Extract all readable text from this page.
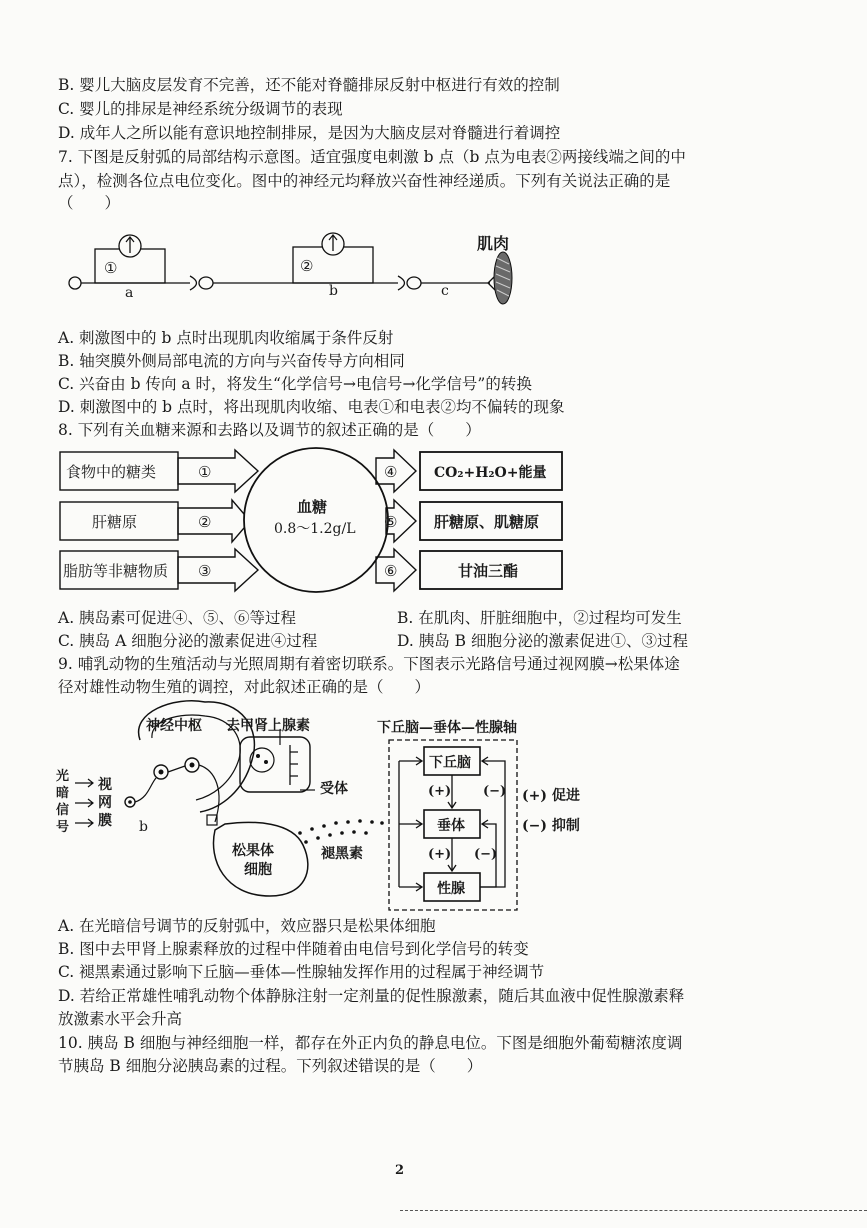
B. 婴儿大脑皮层发育不完善，还不能对脊髓排尿反射中枢进行有效的控制
C. 婴儿的排尿是神经系统分级调节的表现
D. 成年人之所以能有意识地控制排尿，是因为大脑皮层对脊髓进行着调控
7. 下图是反射弧的局部结构示意图。适宜强度电刺激 b 点（b 点为电表②两接线端之间的中
点），检测各位点电位变化。图中的神经元均释放兴奋性神经递质。下列有关说法正确的是
（　　）
①	②
a	b	c
肌肉
A. 刺激图中的 b 点时出现肌肉收缩属于条件反射
B. 轴突膜外侧局部电流的方向与兴奋传导方向相同
C. 兴奋由 b 传向 a 时，将发生“化学信号→电信号→化学信号”的转换
D. 刺激图中的 b 点时，将出现肌肉收缩、电表①和电表②均不偏转的现象
8. 下列有关血糖来源和去路以及调节的叙述正确的是（　　）
食物中的糖类
肝糖原
脂肪等非糖物质
①
②
③
血糖
0.8～1.2g/L
④
⑤
⑥
CO₂+H₂O+能量
肝糖原、肌糖原
甘油三酯
A. 胰岛素可促进④、⑤、⑥等过程	B. 在肌肉、肝脏细胞中，②过程均可发生
C. 胰岛 A 细胞分泌的激素促进④过程	D. 胰岛 B 细胞分泌的激素促进①、③过程
9. 哺乳动物的生殖活动与光照周期有着密切联系。下图表示光路信号通过视网膜→松果体途
径对雄性动物生殖的调控，对此叙述正确的是（　　）
神经中枢 去甲肾上腺素
受体
光
暗
信
号
视
网
膜 b
松果体
细胞
褪黑素
下丘脑—垂体—性腺轴
下丘脑
垂体
性腺
(+)
(+)
(−)
(−)
(+) 促进
(−) 抑制
A. 在光暗信号调节的反射弧中，效应器只是松果体细胞
B. 图中去甲肾上腺素释放的过程中伴随着由电信号到化学信号的转变
C. 褪黑素通过影响下丘脑—垂体—性腺轴发挥作用的过程属于神经调节
D. 若给正常雄性哺乳动物个体静脉注射一定剂量的促性腺激素，随后其血液中促性腺激素释
放激素水平会升高
10. 胰岛 B 细胞与神经细胞一样，都存在外正内负的静息电位。下图是细胞外葡萄糖浓度调
节胰岛 B 细胞分泌胰岛素的过程。下列叙述错误的是（　　）
2
